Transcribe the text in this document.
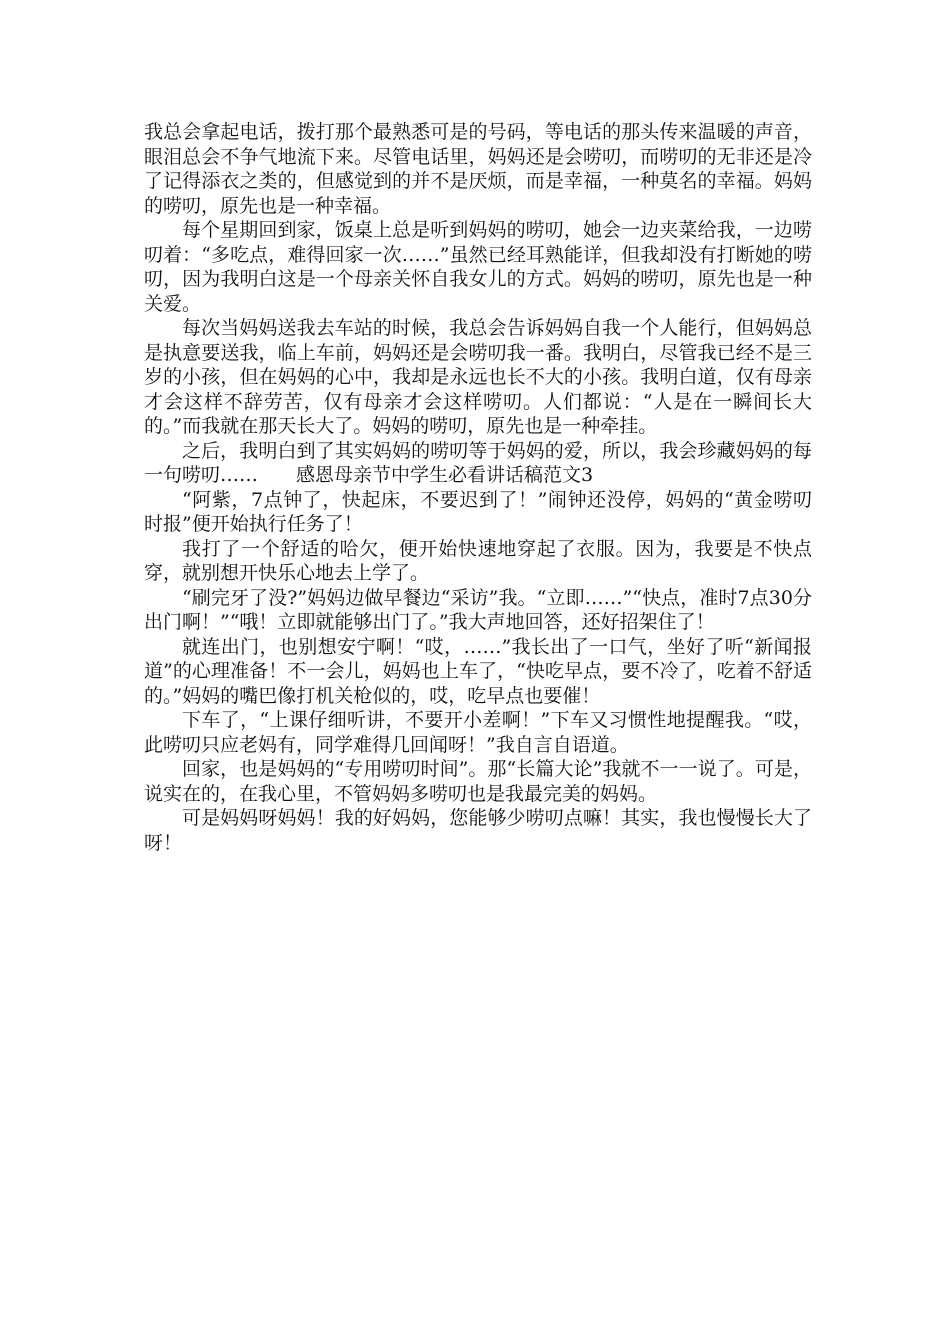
我总会拿起电话，拨打那个最熟悉可是的号码，等电话的那头传来温暖的声音，眼泪总会不争气地流下来。尽管电话里，妈妈还是会唠叨，而唠叨的无非还是冷了记得添衣之类的，但感觉到的并不是厌烦，而是幸福，一种莫名的幸福。妈妈的唠叨，原先也是一种幸福。

每个星期回到家，饭桌上总是听到妈妈的唠叨，她会一边夹菜给我，一边唠叨着：“多吃点，难得回家一次……”虽然已经耳熟能详，但我却没有打断她的唠叨，因为我明白这是一个母亲关怀自我女儿的方式。妈妈的唠叨，原先也是一种关爱。

每次当妈妈送我去车站的时候，我总会告诉妈妈自我一个人能行，但妈妈总是执意要送我，临上车前，妈妈还是会唠叨我一番。我明白，尽管我已经不是三岁的小孩，但在妈妈的心中，我却是永远也长不大的小孩。我明白道，仅有母亲才会这样不辞劳苦，仅有母亲才会这样唠叨。人们都说：“人是在一瞬间长大的。”而我就在那天长大了。妈妈的唠叨，原先也是一种牵挂。

之后，我明白到了其实妈妈的唠叨等于妈妈的爱，所以，我会珍藏妈妈的每一句唠叨……　　感恩母亲节中学生必看讲话稿范文3

“阿紫，7点钟了，快起床，不要迟到了！”闹钟还没停，妈妈的“黄金唠叨时报”便开始执行任务了！

我打了一个舒适的哈欠，便开始快速地穿起了衣服。因为，我要是不快点穿，就别想开快乐心地去上学了。

“刷完牙了没?”妈妈边做早餐边“采访”我。“立即……”“快点，准时7点30分出门啊！”“哦！立即就能够出门了。”我大声地回答，还好招架住了！

就连出门，也别想安宁啊！“哎，……”我长出了一口气，坐好了听“新闻报道”的心理准备！不一会儿，妈妈也上车了，“快吃早点，要不冷了，吃着不舒适的。”妈妈的嘴巴像打机关枪似的，哎，吃早点也要催！

下车了，“上课仔细听讲，不要开小差啊！”下车又习惯性地提醒我。“哎，此唠叨只应老妈有，同学难得几回闻呀！”我自言自语道。

回家，也是妈妈的“专用唠叨时间”。那“长篇大论”我就不一一说了。可是，说实在的，在我心里，不管妈妈多唠叨也是我最完美的妈妈。

可是妈妈呀妈妈！我的好妈妈，您能够少唠叨点嘛！其实，我也慢慢长大了呀！
